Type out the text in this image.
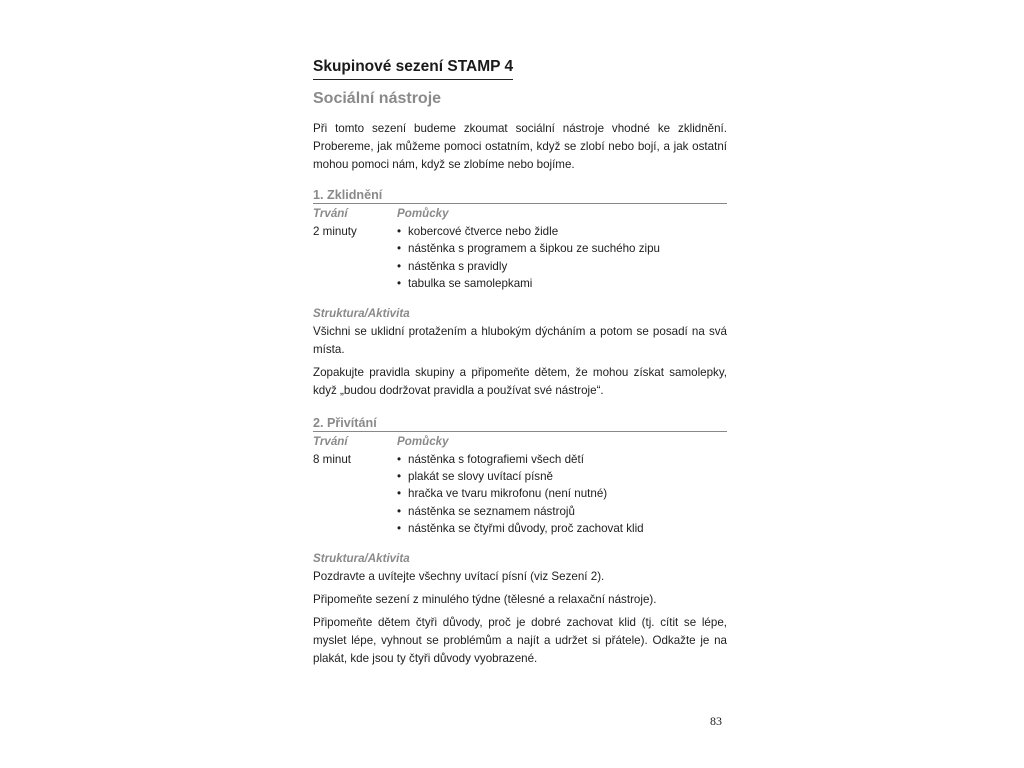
Skupinové sezení STAMP 4
Sociální nástroje

Při tomto sezení budeme zkoumat sociální nástroje vhodné ke zklidnění. Probereme, jak můžeme pomoci ostatním, když se zlobí nebo bojí, a jak ostatní mohou pomoci nám, když se zlobíme nebo bojíme.

1. Zklidnění
Trvání
2 minuty
Pomůcky
• kobercové čtverce nebo židle
• nástěnka s programem a šipkou ze suchého zipu
• nástěnka s pravidly
• tabulka se samolepkami
Struktura/Aktivita

Všichni se uklidní protažením a hlubokým dýcháním a potom se posadí na svá místa.

Zopakujte pravidla skupiny a připomeňte dětem, že mohou získat samolepky, když „budou dodržovat pravidla a používat své nástroje“.

2. Přivítání
Trvání
8 minut
Pomůcky
• nástěnka s fotografiemi všech dětí
• plakát se slovy uvítací písně
• hračka ve tvaru mikrofonu (není nutné)
• nástěnka se seznamem nástrojů
• nástěnka se čtyřmi důvody, proč zachovat klid
Struktura/Aktivita

Pozdravte a uvítejte všechny uvítací písní (viz Sezení 2).

Připomeňte sezení z minulého týdne (tělesné a relaxační nástroje).

Připomeňte dětem čtyři důvody, proč je dobré zachovat klid (tj. cítit se lépe, myslet lépe, vyhnout se problémům a najít a udržet si přátele). Odkažte je na plakát, kde jsou ty čtyři důvody vyobrazené.

83
